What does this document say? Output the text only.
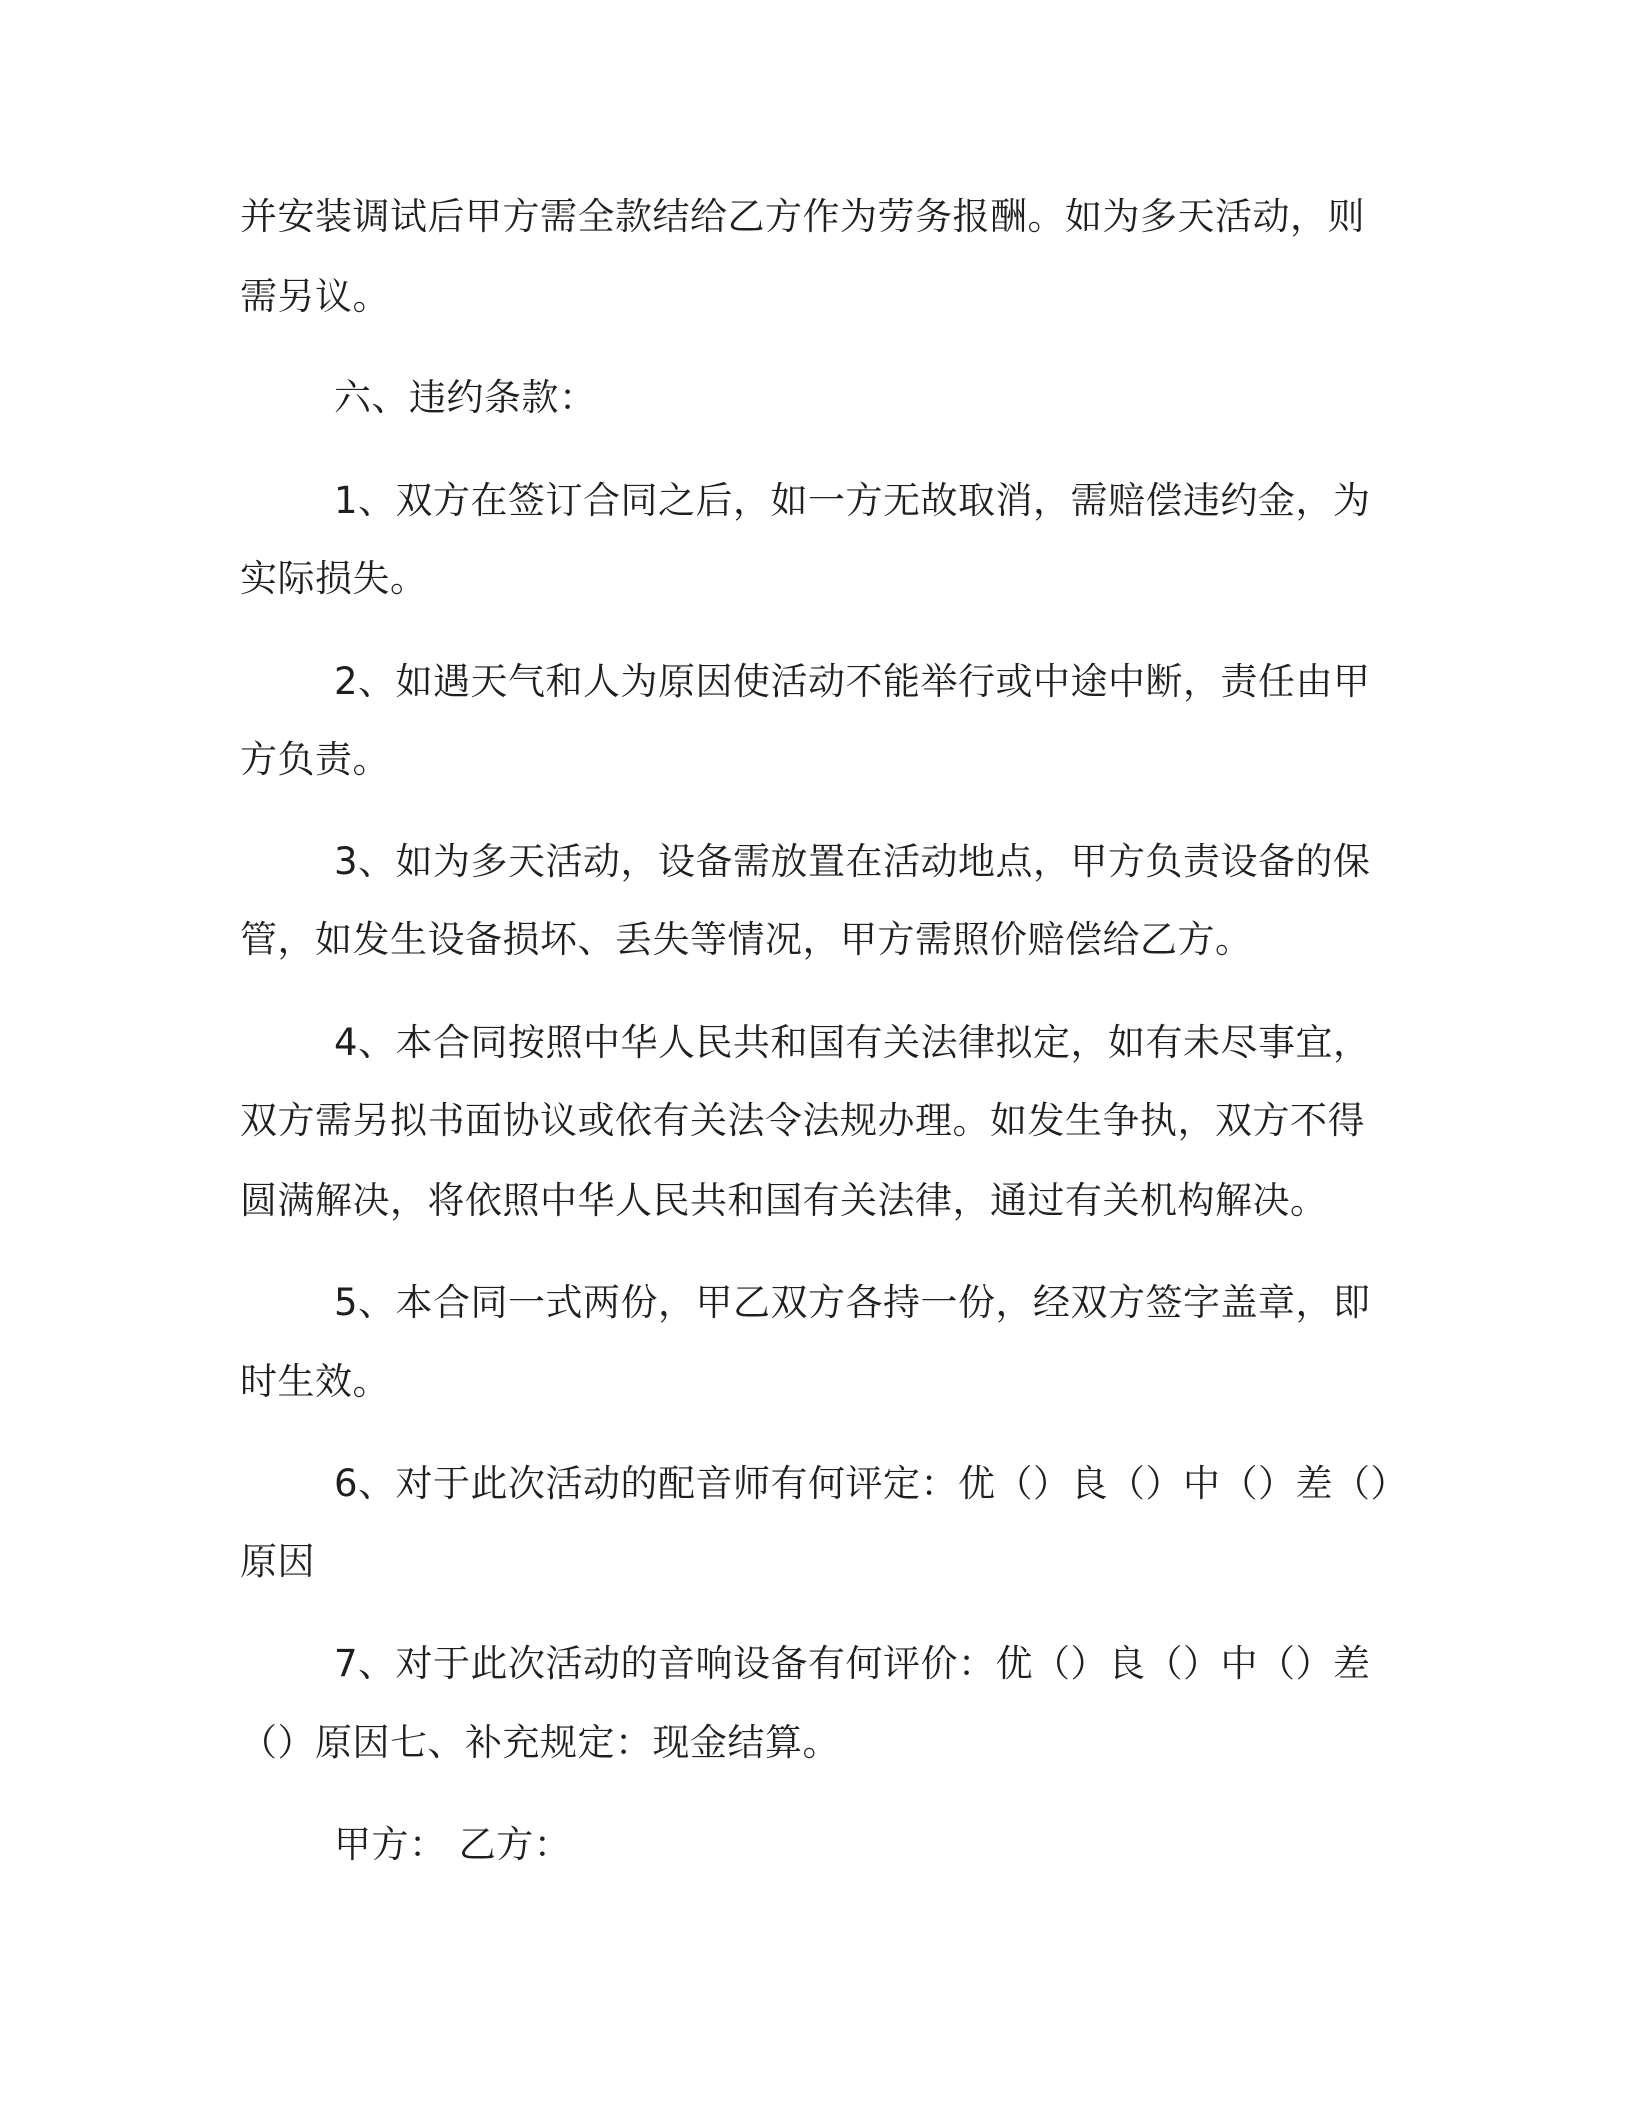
并安装调试后甲方需全款结给乙方作为劳务报酬。如为多天活动，则
需另议。
六、违约条款：
1、双方在签订合同之后，如一方无故取消，需赔偿违约金，为
实际损失。
2、如遇天气和人为原因使活动不能举行或中途中断，责任由甲
方负责。
3、如为多天活动，设备需放置在活动地点，甲方负责设备的保
管，如发生设备损坏、丢失等情况，甲方需照价赔偿给乙方。
4、本合同按照中华人民共和国有关法律拟定，如有未尽事宜，
双方需另拟书面协议或依有关法令法规办理。如发生争执，双方不得
圆满解决，将依照中华人民共和国有关法律，通过有关机构解决。
5、本合同一式两份，甲乙双方各持一份，经双方签字盖章，即
时生效。
6、对于此次活动的配音师有何评定：优（）良（）中（）差（）
原因
7、对于此次活动的音响设备有何评价：优（）良（）中（）差
（）原因七、补充规定：现金结算。
甲方： 乙方：
